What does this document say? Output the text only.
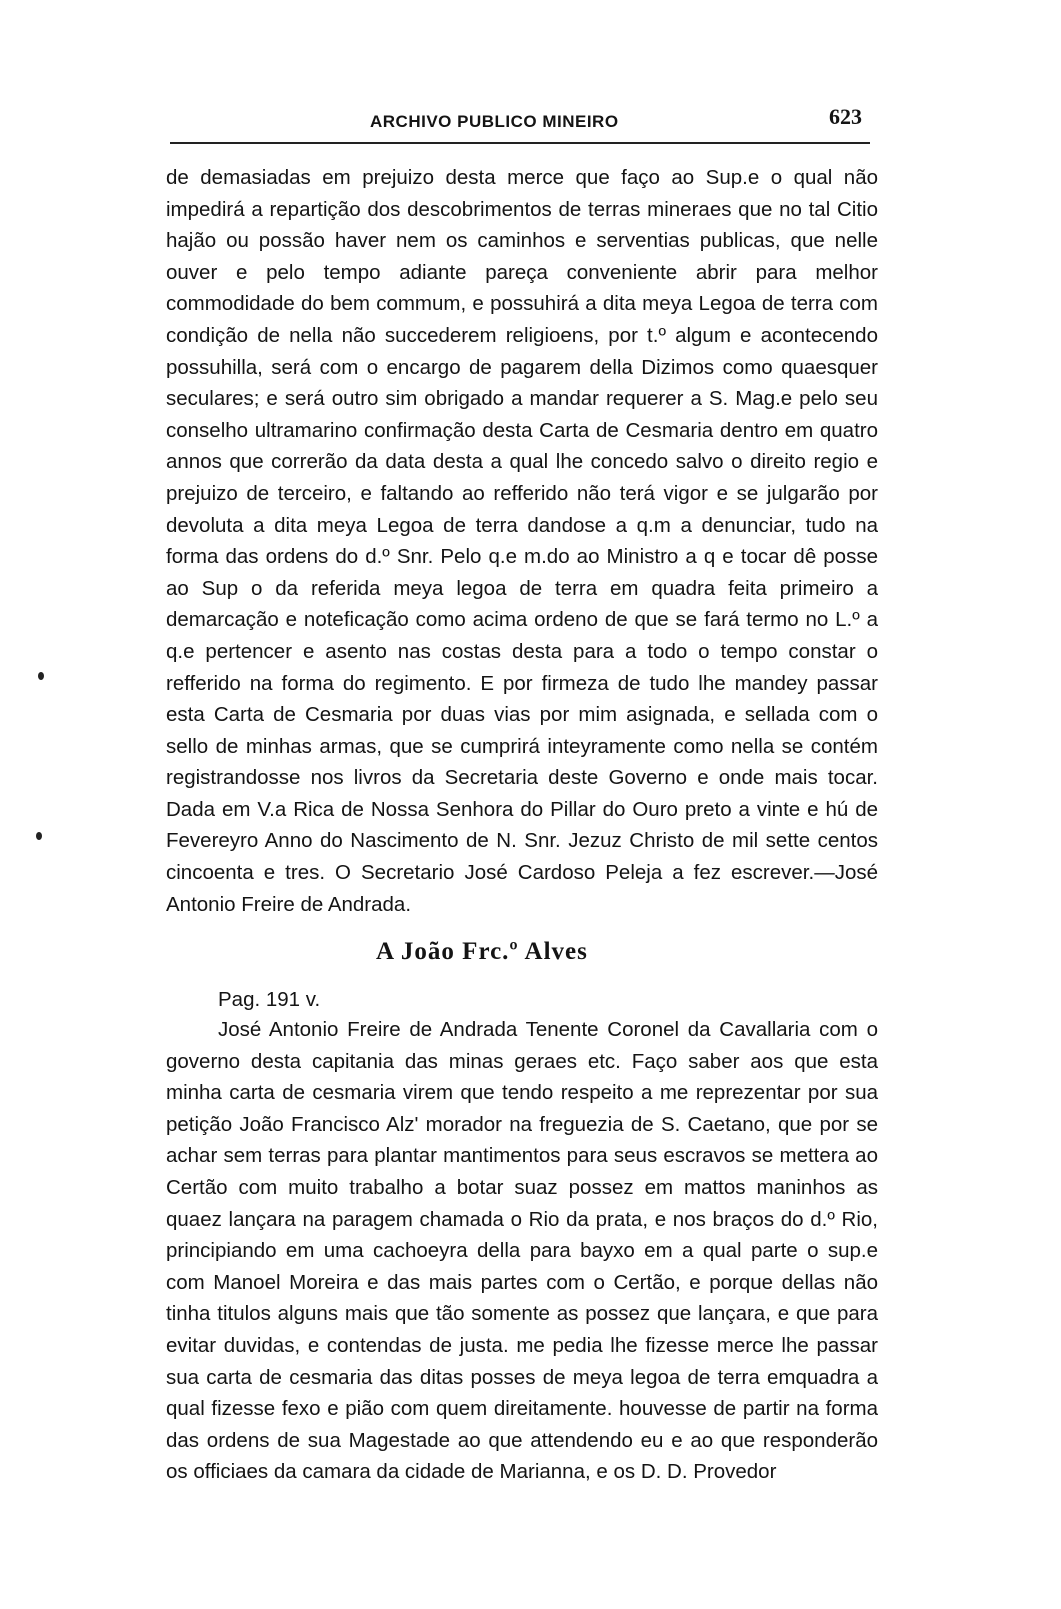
ARCHIVO PUBLICO MINEIRO	623

de demasiadas em prejuizo desta merce que faço ao Sup.e o qual não impedirá a repartição dos descobrimentos de terras mineraes que no tal Citio hajão ou possão haver nem os caminhos e serventias publicas, que nelle ouver e pelo tempo adiante pareça conveniente abrir para melhor commodidade do bem commum, e possuhirá a dita meya Legoa de terra com condição de nella não succederem religioens, por t.º algum e acontecendo possuhilla, será com o encargo de pagarem della Dizimos como quaesquer seculares; e será outro sim obrigado a mandar requerer a S. Mag.e pelo seu conselho ultramarino confirmação desta Carta de Cesmaria dentro em quatro annos que correrão da data desta a qual lhe concedo salvo o direito regio e prejuizo de terceiro, e faltando ao refferido não terá vigor e se julgarão por devoluta a dita meya Legoa de terra dandose a q.m a denunciar, tudo na forma das ordens do d.º Snr. Pelo q.e m.do ao Ministro a q e tocar dê posse ao Sup o da referida meya legoa de terra em quadra feita primeiro a demarcação e noteficação como acima ordeno de que se fará termo no L.º a q.e pertencer e asento nas costas desta para a todo o tempo constar o refferido na forma do regimento. E por firmeza de tudo lhe mandey passar esta Carta de Cesmaria por duas vias por mim asignada, e sellada com o sello de minhas armas, que se cumprirá inteyramente como nella se contém registrandosse nos livros da Secretaria deste Governo e onde mais tocar. Dada em V.a Rica de Nossa Senhora do Pillar do Ouro preto a vinte e hú de Fevereyro Anno do Nascimento de N. Snr. Jezuz Christo de mil sette centos cincoenta e tres. O Secretario José Cardoso Peleja a fez escrever.—José Antonio Freire de Andrada.

A João Frc.º Alves
Pag. 191 v.

José Antonio Freire de Andrada Tenente Coronel da Cavallaria com o governo desta capitania das minas geraes etc. Faço saber aos que esta minha carta de cesmaria virem que tendo respeito a me reprezentar por sua petição João Francisco Alz' morador na freguezia de S. Caetano, que por se achar sem terras para plantar mantimentos para seus escravos se mettera ao Certão com muito trabalho a botar suaz possez em mattos maninhos as quaez lançara na paragem chamada o Rio da prata, e nos braços do d.º Rio, principiando em uma cachoeyra della para bayxo em a qual parte o sup.e com Manoel Moreira e das mais partes com o Certão, e porque dellas não tinha titulos alguns mais que tão somente as possez que lançara, e que para evitar duvidas, e contendas de justa. me pedia lhe fizesse merce lhe passar sua carta de cesmaria das ditas posses de meya legoa de terra emquadra a qual fizesse fexo e pião com quem direitamente. houvesse de partir na forma das ordens de sua Magestade ao que attendendo eu e ao que responderão os officiaes da camara da cidade de Marianna, e os D. D. Provedor
